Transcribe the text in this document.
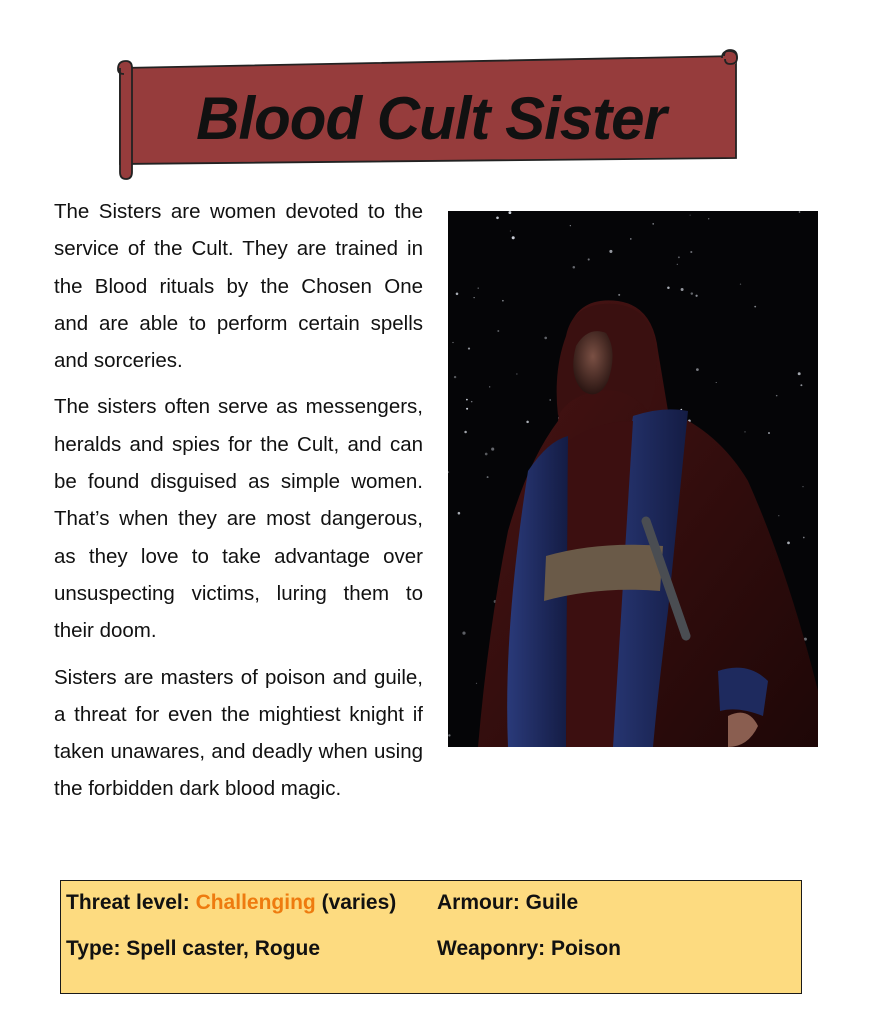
Blood Cult Sister

The Sisters are women devoted to the service of the Cult. They are trained in the Blood rituals by the Chosen One and are able to perform certain spells and sorceries.

The sisters often serve as messengers, heralds and spies for the Cult, and can be found disguised as simple women. That’s when they are most dangerous, as they love to take advantage over unsuspecting victims, luring them to their doom.

Sisters are masters of poison and guile, a threat for even the mightiest knight if taken unawares, and deadly when using the forbidden dark blood magic.

Threat level: Challenging (varies) Armour: Guile
Type: Spell caster, Rogue	Weaponry: Poison
